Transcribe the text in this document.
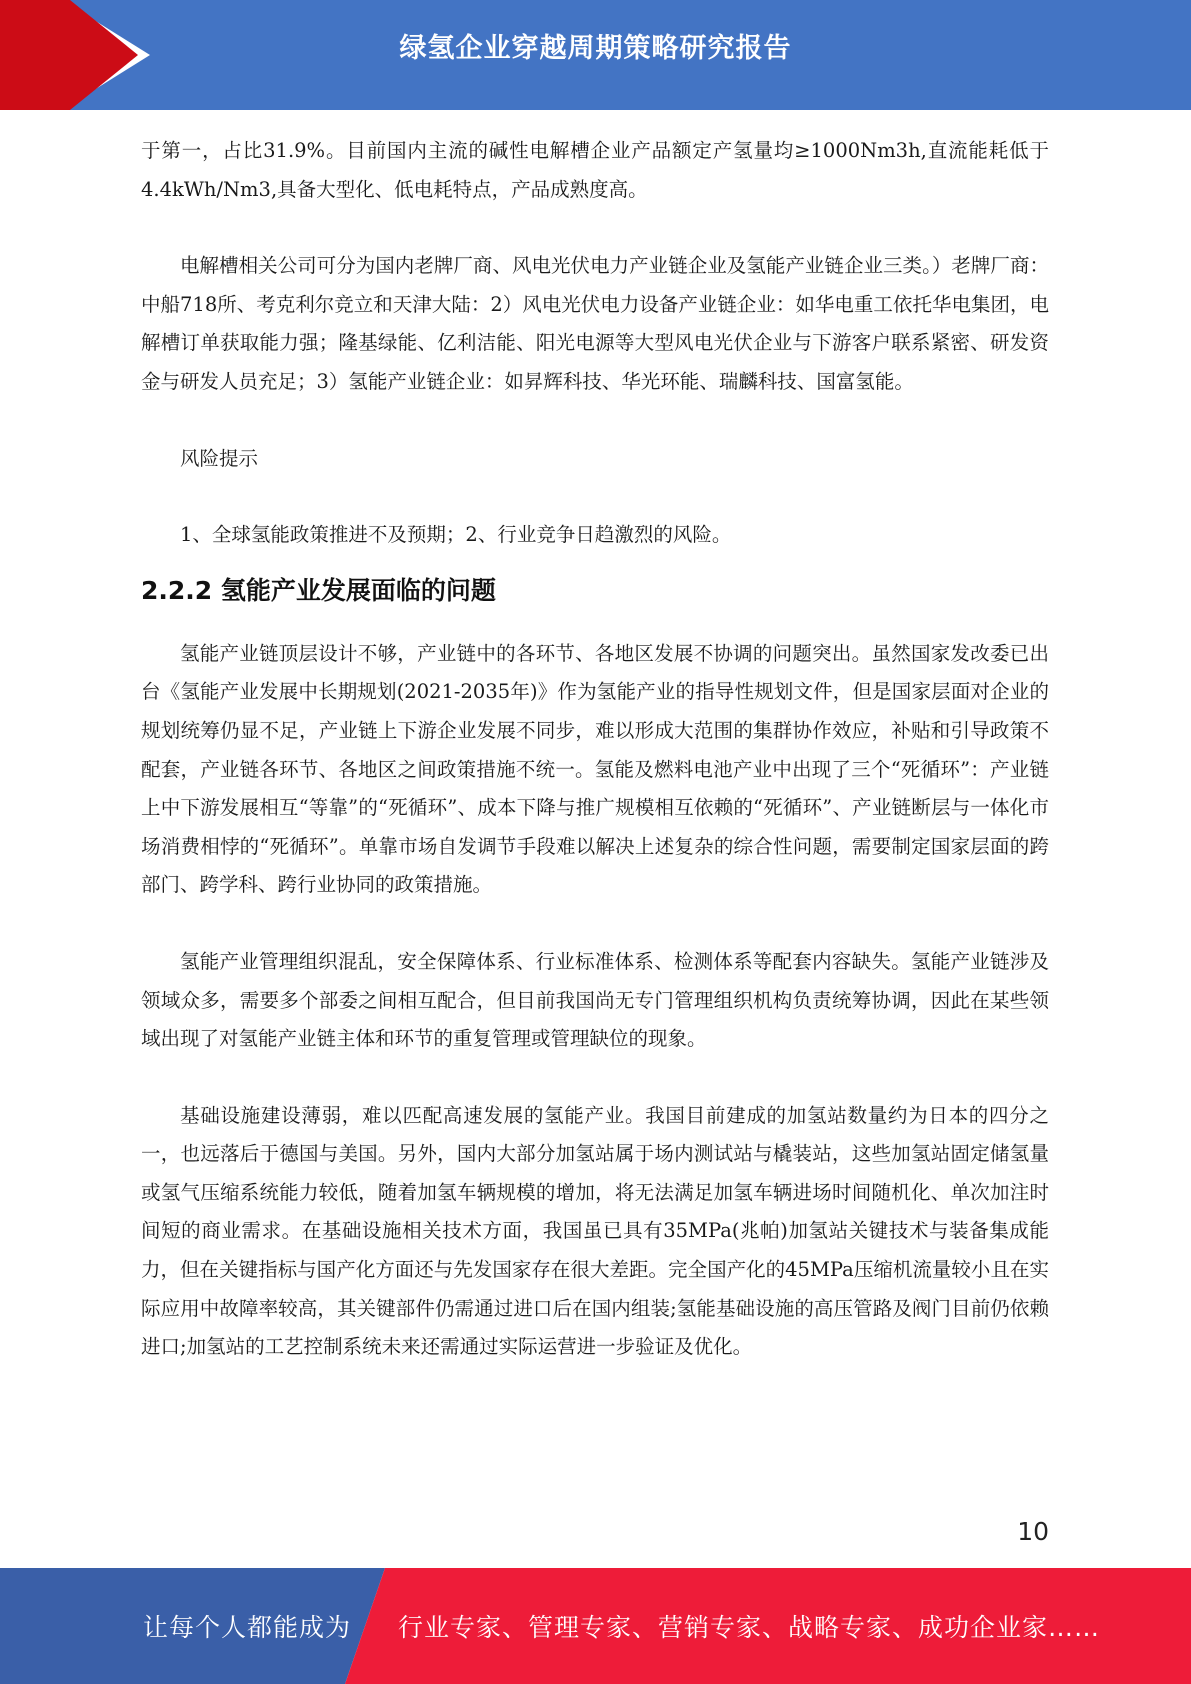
绿氢企业穿越周期策略研究报告

于第一，占比31.9%。目前国内主流的碱性电解槽企业产品额定产氢量均≥1000Nm3h,直流能耗低于4.4kWh/Nm3,具备大型化、低电耗特点，产品成熟度高。

电解槽相关公司可分为国内老牌厂商、风电光伏电力产业链企业及氢能产业链企业三类。）老牌厂商：中船718所、考克利尔竞立和天津大陆：2）风电光伏电力设备产业链企业：如华电重工依托华电集团，电解槽订单获取能力强；隆基绿能、亿利洁能、阳光电源等大型风电光伏企业与下游客户联系紧密、研发资金与研发人员充足；3）氢能产业链企业：如昇辉科技、华光环能、瑞麟科技、国富氢能。

风险提示

1、全球氢能政策推进不及预期；2、行业竞争日趋激烈的风险。

2.2.2 氢能产业发展面临的问题

氢能产业链顶层设计不够，产业链中的各环节、各地区发展不协调的问题突出。虽然国家发改委已出台《氢能产业发展中长期规划(2021-2035年)》作为氢能产业的指导性规划文件，但是国家层面对企业的规划统筹仍显不足，产业链上下游企业发展不同步，难以形成大范围的集群协作效应，补贴和引导政策不配套，产业链各环节、各地区之间政策措施不统一。氢能及燃料电池产业中出现了三个“死循环”：产业链上中下游发展相互“等靠”的“死循环”、成本下降与推广规模相互依赖的“死循环”、产业链断层与一体化市场消费相悖的“死循环”。单靠市场自发调节手段难以解决上述复杂的综合性问题，需要制定国家层面的跨部门、跨学科、跨行业协同的政策措施。

氢能产业管理组织混乱，安全保障体系、行业标准体系、检测体系等配套内容缺失。氢能产业链涉及领域众多，需要多个部委之间相互配合，但目前我国尚无专门管理组织机构负责统筹协调，因此在某些领域出现了对氢能产业链主体和环节的重复管理或管理缺位的现象。

基础设施建设薄弱，难以匹配高速发展的氢能产业。我国目前建成的加氢站数量约为日本的四分之一，也远落后于德国与美国。另外，国内大部分加氢站属于场内测试站与橇装站，这些加氢站固定储氢量或氢气压缩系统能力较低，随着加氢车辆规模的增加，将无法满足加氢车辆进场时间随机化、单次加注时间短的商业需求。在基础设施相关技术方面，我国虽已具有35MPa(兆帕)加氢站关键技术与装备集成能力，但在关键指标与国产化方面还与先发国家存在很大差距。完全国产化的45MPa压缩机流量较小且在实际应用中故障率较高，其关键部件仍需通过进口后在国内组装;氢能基础设施的高压管路及阀门目前仍依赖进口;加氢站的工艺控制系统未来还需通过实际运营进一步验证及优化。

10
让每个人都能成为 行业专家、管理专家、营销专家、战略专家、成功企业家……
